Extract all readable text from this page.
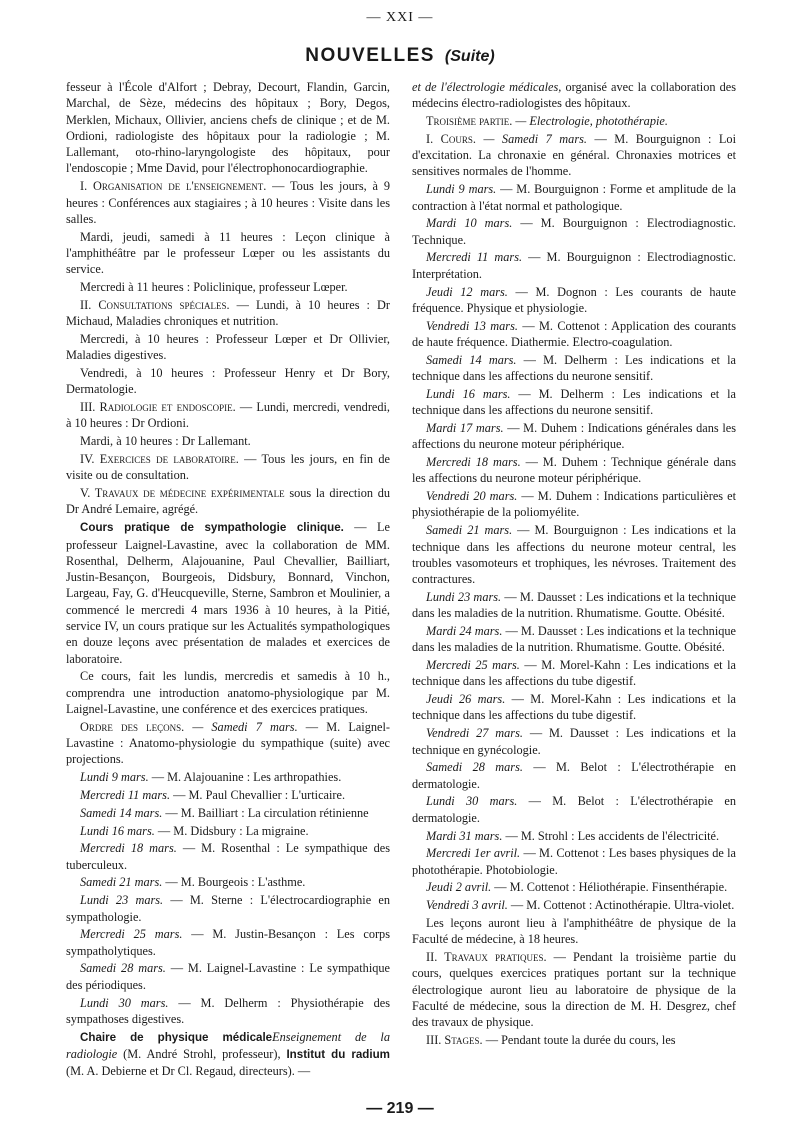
— XXI —
NOUVELLES (Suite)

fesseur à l'École d'Alfort ; Debray, Decourt, Flandin, Garcin, Marchal, de Sèze, médecins des hôpitaux ; Bory, Degos, Merklen, Michaux, Ollivier, anciens chefs de clinique ; et de M. Ordioni, radiologiste des hôpitaux pour la radiologie ; M. Lallemant, oto-rhino-laryngologiste des hôpitaux, pour l'endoscopie ; Mme David, pour l'électrophonocardiographie.

I. Organisation de l'enseignement. — Tous les jours, à 9 heures : Conférences aux stagiaires ; à 10 heures : Visite dans les salles.

Mardi, jeudi, samedi à 11 heures : Leçon clinique à l'amphithéâtre par le professeur Lœper ou les assistants du service.

Mercredi à 11 heures : Policlinique, professeur Lœper.

II. Consultations spéciales. — Lundi, à 10 heures : Dr Michaud, Maladies chroniques et nutrition.

Mercredi, à 10 heures : Professeur Lœper et Dr Ollivier, Maladies digestives.

Vendredi, à 10 heures : Professeur Henry et Dr Bory, Dermatologie.

III. Radiologie et endoscopie. — Lundi, mercredi, vendredi, à 10 heures : Dr Ordioni.

Mardi, à 10 heures : Dr Lallemant.

IV. Exercices de laboratoire. — Tous les jours, en fin de visite ou de consultation.

V. Travaux de médecine expérimentale sous la direction du Dr André Lemaire, agrégé.

Cours pratique de sympathologie clinique. — Le professeur Laignel-Lavastine, avec la collaboration de MM. Rosenthal, Delherm, Alajouanine, Paul Chevallier, Bailliart, Justin-Besançon, Bourgeois, Didsbury, Bonnard, Vinchon, Largeau, Fay, G. d'Heucqueville, Sterne, Sambron et Moulinier, a commencé le mercredi 4 mars 1936 à 10 heures, à la Pitié, service IV, un cours pratique sur les Actualités sympathologiques en douze leçons avec présentation de malades et exercices de laboratoire.

Ce cours, fait les lundis, mercredis et samedis à 10 h., comprendra une introduction anatomo-physiologique par M. Laignel-Lavastine, une conférence et des exercices pratiques.

Ordre des leçons. — Samedi 7 mars. — M. Laignel-Lavastine : Anatomo-physiologie du sympathique (suite) avec projections.

Lundi 9 mars. — M. Alajouanine : Les arthropathies.

Mercredi 11 mars. — M. Paul Chevallier : L'urticaire.

Samedi 14 mars. — M. Bailliart : La circulation rétinienne

Lundi 16 mars. — M. Didsbury : La migraine.

Mercredi 18 mars. — M. Rosenthal : Le sympathique des tuberculeux.

Samedi 21 mars. — M. Bourgeois : L'asthme.

Lundi 23 mars. — M. Sterne : L'électrocardiographie en sympathologie.

Mercredi 25 mars. — M. Justin-Besançon : Les corps sympatholytiques.

Samedi 28 mars. — M. Laignel-Lavastine : Le sympathique des périodiques.

Lundi 30 mars. — M. Delherm : Physiothérapie des sympathoses digestives.

Chaire de physique médicaleEnseignement de la radiologie (M. André Strohl, professeur), Institut du radium (M. A. Debierne et Dr Cl. Regaud, directeurs). —

et de l'électrologie médicales, organisé avec la collaboration des médecins électro-radiologistes des hôpitaux.

Troisième partie. — Electrologie, photothérapie.

I. Cours. — Samedi 7 mars. — M. Bourguignon : Loi d'excitation. La chronaxie en général. Chronaxies motrices et sensitives normales de l'homme.

Lundi 9 mars. — M. Bourguignon : Forme et amplitude de la contraction à l'état normal et pathologique.

Mardi 10 mars. — M. Bourguignon : Electrodiagnostic. Technique.

Mercredi 11 mars. — M. Bourguignon : Electrodiagnostic. Interprétation.

Jeudi 12 mars. — M. Dognon : Les courants de haute fréquence. Physique et physiologie.

Vendredi 13 mars. — M. Cottenot : Application des courants de haute fréquence. Diathermie. Electro-coagulation.

Samedi 14 mars. — M. Delherm : Les indications et la technique dans les affections du neurone sensitif.

Lundi 16 mars. — M. Delherm : Les indications et la technique dans les affections du neurone sensitif.

Mardi 17 mars. — M. Duhem : Indications générales dans les affections du neurone moteur périphérique.

Mercredi 18 mars. — M. Duhem : Technique générale dans les affections du neurone moteur périphérique.

Vendredi 20 mars. — M. Duhem : Indications particulières et physiothérapie de la poliomyélite.

Samedi 21 mars. — M. Bourguignon : Les indications et la technique dans les affections du neurone moteur central, les troubles vasomoteurs et trophiques, les névroses. Traitement des contractures.

Lundi 23 mars. — M. Dausset : Les indications et la technique dans les maladies de la nutrition. Rhumatisme. Goutte. Obésité.

Mardi 24 mars. — M. Dausset : Les indications et la technique dans les maladies de la nutrition. Rhumatisme. Goutte. Obésité.

Mercredi 25 mars. — M. Morel-Kahn : Les indications et la technique dans les affections du tube digestif.

Jeudi 26 mars. — M. Morel-Kahn : Les indications et la technique dans les affections du tube digestif.

Vendredi 27 mars. — M. Dausset : Les indications et la technique en gynécologie.

Samedi 28 mars. — M. Belot : L'électrothérapie en dermatologie.

Lundi 30 mars. — M. Belot : L'électrothérapie en dermatologie.

Mardi 31 mars. — M. Strohl : Les accidents de l'électricité.

Mercredi 1er avril. — M. Cottenot : Les bases physiques de la photothérapie. Photobiologie.

Jeudi 2 avril. — M. Cottenot : Héliothérapie. Finsenthérapie.

Vendredi 3 avril. — M. Cottenot : Actinothérapie. Ultra-violet.

Les leçons auront lieu à l'amphithéâtre de physique de la Faculté de médecine, à 18 heures.

II. Travaux pratiques. — Pendant la troisième partie du cours, quelques exercices pratiques portant sur la technique électrologique auront lieu au laboratoire de physique de la Faculté de médecine, sous la direction de M. H. Desgrez, chef des travaux de physique.

III. Stages. — Pendant toute la durée du cours, les

— 219 —
